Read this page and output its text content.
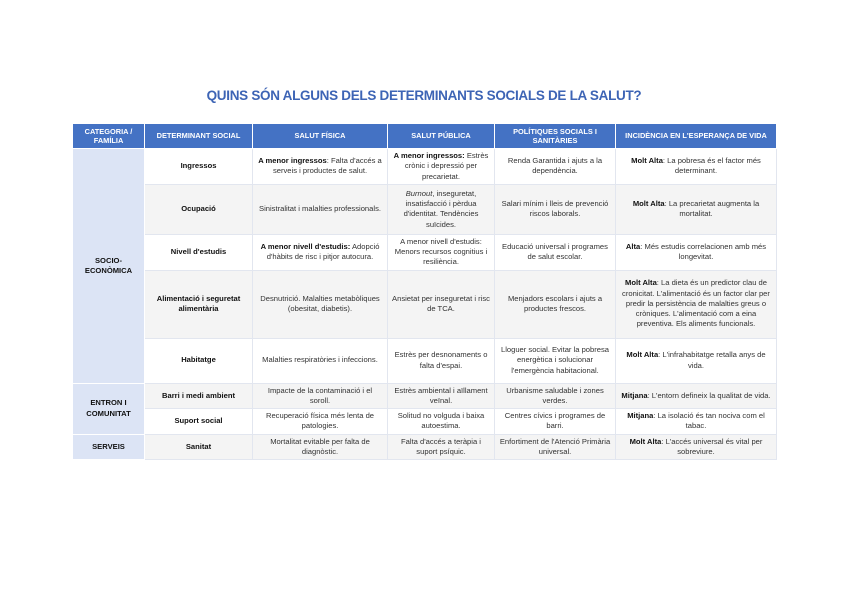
QUINS SÓN ALGUNS DELS DETERMINANTS SOCIALS DE LA SALUT?
CATEGORIA / FAMÍLIA	DETERMINANT SOCIAL	SALUT FÍSICA	SALUT PÚBLICA	POLÍTIQUES SOCIALS I SANITÀRIES	INCIDÈNCIA EN L'ESPERANÇA DE VIDA
SOCIO-ECONÒMICA	Ingressos	A menor ingressos: Falta d'accés a serveis i productes de salut.	A menor ingressos: Estrès crònic i depressió per precarietat.	Renda Garantida i ajuts a la dependència.	Molt Alta: La pobresa és el factor més determinant.
	Ocupació	Sinistralitat i malalties professionals.	Burnout, inseguretat, insatisfacció i pèrdua d'identitat. Tendències suïcides.	Salari mínim i lleis de prevenció riscos laborals.	Molt Alta: La precarietat augmenta la mortalitat.
	Nivell d'estudis	A menor nivell d'estudis: Adopció d'hàbits de risc i pitjor autocura.	A menor nivell d'estudis: Menors recursos cognitius i resiliència.	Educació universal i programes de salut escolar.	Alta: Més estudis correlacionen amb més longevitat.
	Alimentació i seguretat alimentària	Desnutrició. Malalties metabòliques (obesitat, diabetis).	Ansietat per inseguretat i risc de TCA.	Menjadors escolars i ajuts a productes frescos.	Molt Alta: La dieta és un predictor clau de cronicitat. L'alimentació és un factor clar per predir la persistència de malalties greus o cròniques. L'alimentació com a eina preventiva. Els aliments funcionals.
	Habitatge	Malalties respiratòries i infeccions.	Estrès per desnonaments o falta d'espai.	Lloguer social. Evitar la pobresa energètica i solucionar l'emergència habitacional.	Molt Alta: L'infrahabitatge retalla anys de vida.
ENTRON I COMUNITAT	Barri i medi ambient	Impacte de la contaminació i el soroll.	Estrès ambiental i aïllament veïnal.	Urbanisme saludable i zones verdes.	Mitjana: L'entorn defineix la qualitat de vida.
	Suport social	Recuperació física més lenta de patologies.	Solitud no volguda i baixa autoestima.	Centres cívics i programes de barri.	Mitjana: La isolació és tan nociva com el tabac.
SERVEIS	Sanitat	Mortalitat evitable per falta de diagnòstic.	Falta d'accés a teràpia i suport psíquic.	Enfortiment de l'Atenció Primària universal.	Molt Alta: L'accés universal és vital per sobreviure.
